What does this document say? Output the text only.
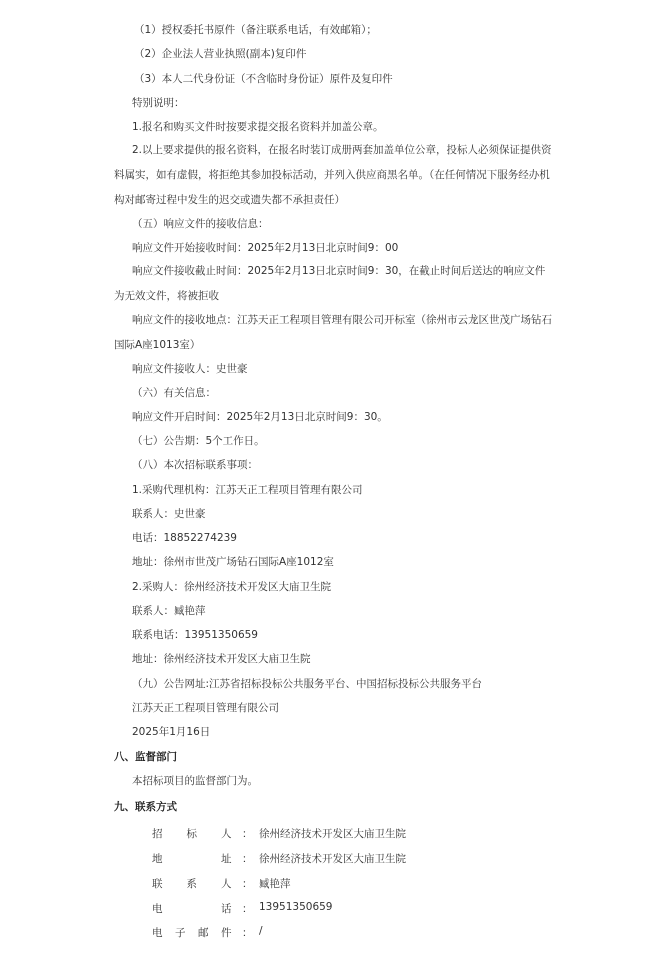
（1）授权委托书原件（备注联系电话，有效邮箱）；
（2）企业法人营业执照(副本)复印件
（3）本人二代身份证（不含临时身份证）原件及复印件
特别说明：
1.报名和购买文件时按要求提交报名资料并加盖公章。
2.以上要求提供的报名资料，在报名时装订成册两套加盖单位公章，投标人必须保证提供资料属实，如有虚假，将拒绝其参加投标活动，并列入供应商黑名单。（在任何情况下服务经办机构对邮寄过程中发生的迟交或遗失都不承担责任）
（五）响应文件的接收信息：
响应文件开始接收时间：2025年2月13日北京时间9：00
响应文件接收截止时间：2025年2月13日北京时间9：30，在截止时间后送达的响应文件为无效文件，将被拒收
响应文件的接收地点：江苏天正工程项目管理有限公司开标室（徐州市云龙区世茂广场钻石国际A座1013室）
响应文件接收人：史世豪
（六）有关信息：
响应文件开启时间：2025年2月13日北京时间9：30。
（七）公告期：5个工作日。
（八）本次招标联系事项：
1.采购代理机构：江苏天正工程项目管理有限公司
联系人：史世豪
电话：18852274239
地址：徐州市世茂广场钻石国际A座1012室
2.采购人：徐州经济技术开发区大庙卫生院
联系人：臧艳萍
联系电话：13951350659
地址：徐州经济技术开发区大庙卫生院
（九）公告网址:江苏省招标投标公共服务平台、中国招标投标公共服务平台
江苏天正工程项目管理有限公司
2025年1月16日
八、监督部门
本招标项目的监督部门为。
九、联系方式
招 标 人 ： 徐州经济技术开发区大庙卫生院
地	址 ： 徐州经济技术开发区大庙卫生院
联 系 人 ： 臧艳萍
电	话 ： 13951350659
电 子 邮 件 ： /
